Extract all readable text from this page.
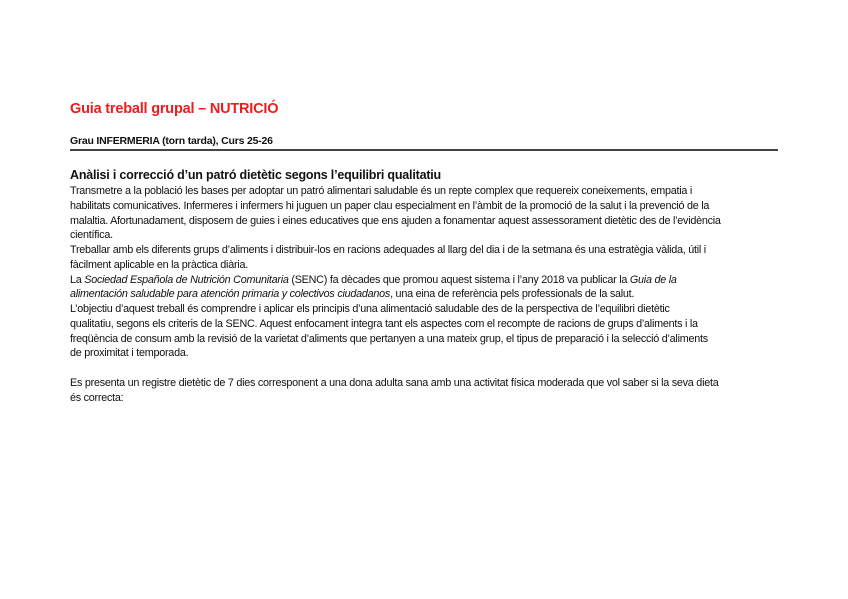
Guia treball grupal – NUTRICIÓ
Grau INFERMERIA (torn tarda), Curs 25-26
Anàlisi i correcció d’un patró dietètic segons l’equilibri qualitatiu
Transmetre a la població les bases per adoptar un patró alimentari saludable és un repte complex que requereix coneixements, empatia i
habilitats comunicatives. Infermeres i infermers hi juguen un paper clau especialment en l’àmbit de la promoció de la salut i la prevenció de la
malaltia. Afortunadament, disposem de guies i eines educatives que ens ajuden a fonamentar aquest assessorament dietètic des de l’evidència
científica.
Treballar amb els diferents grups d’aliments i distribuir-los en racions adequades al llarg del dia i de la setmana és una estratègia vàlida, útil i
fàcilment aplicable en la pràctica diària.
La Sociedad Española de Nutrición Comunitaria (SENC) fa dècades que promou aquest sistema i l’any 2018 va publicar la Guia de la
alimentación saludable para atención primaria y colectivos ciudadanos, una eina de referència pels professionals de la salut.
L’objectiu d’aquest treball és comprendre i aplicar els principis d’una alimentació saludable des de la perspectiva de l’equilibri dietètic
qualitatiu, segons els criteris de la SENC. Aquest enfocament integra tant els aspectes com el recompte de racions de grups d’aliments i la
freqüència de consum amb la revisió de la varietat d’aliments que pertanyen a una mateix grup, el tipus de preparació i la selecció d’aliments
de proximitat i temporada.
Es presenta un registre dietètic de 7 dies corresponent a una dona adulta sana amb una activitat física moderada que vol saber si la seva dieta
és correcta:
